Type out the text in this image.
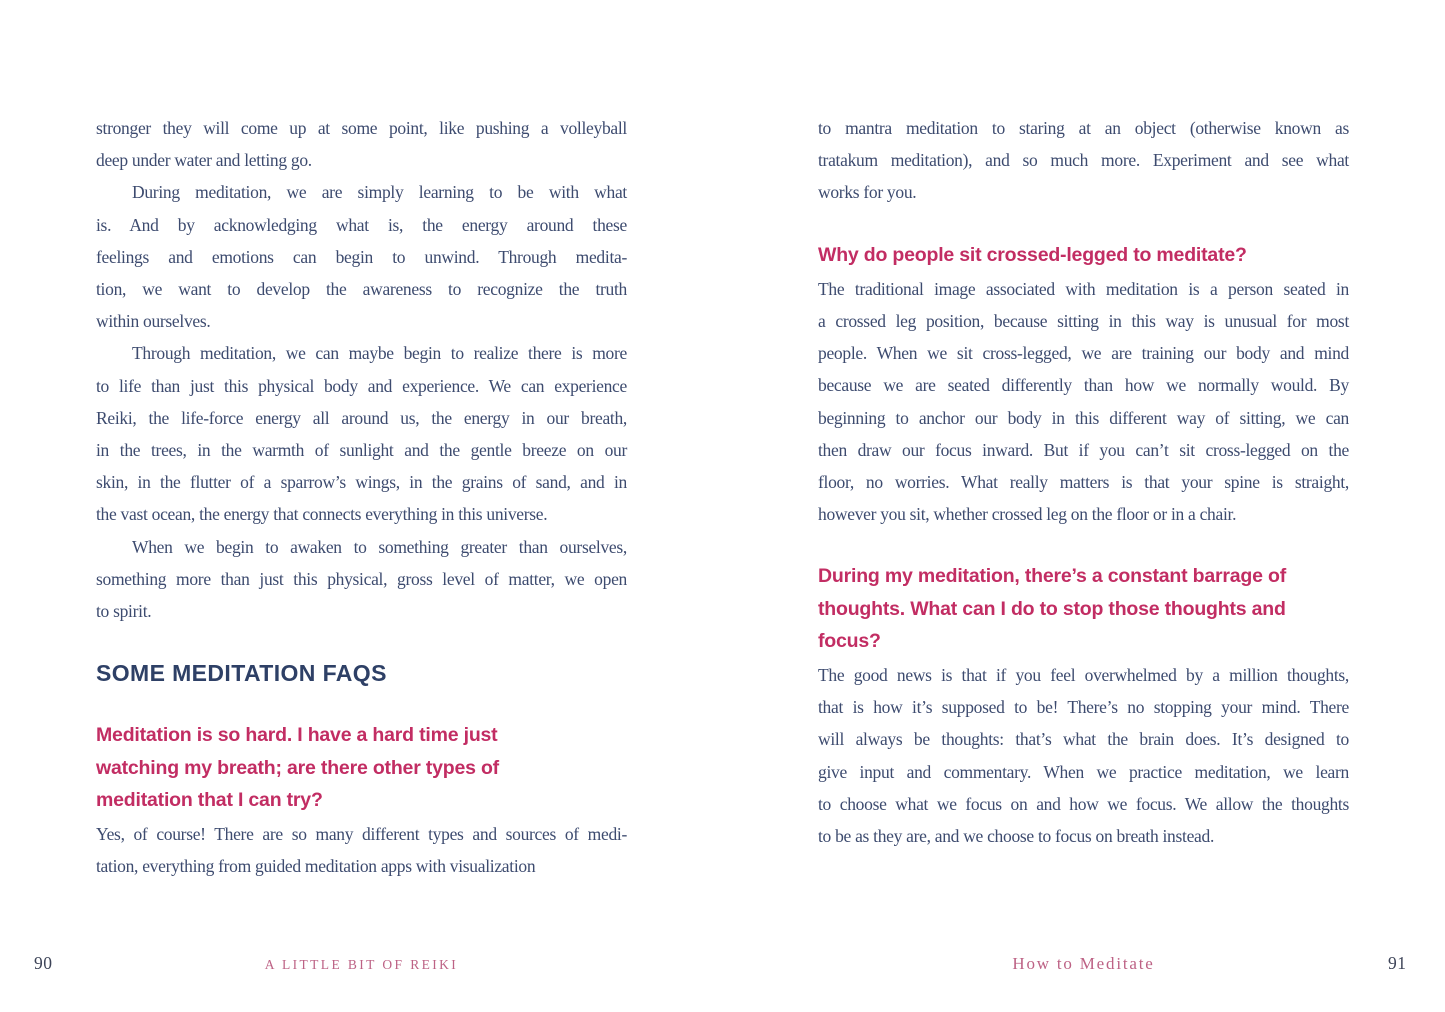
stronger they will come up at some point, like pushing a volleyball
deep under water and letting go.
During meditation, we are simply learning to be with what
is. And by acknowledging what is, the energy around these
feelings and emotions can begin to unwind. Through medita-
tion, we want to develop the awareness to recognize the truth
within ourselves.
Through meditation, we can maybe begin to realize there is more
to life than just this physical body and experience. We can experience
Reiki, the life-force energy all around us, the energy in our breath,
in the trees, in the warmth of sunlight and the gentle breeze on our
skin, in the flutter of a sparrow’s wings, in the grains of sand, and in
the vast ocean, the energy that connects everything in this universe.
When we begin to awaken to something greater than ourselves,
something more than just this physical, gross level of matter, we open
to spirit.
SOME MEDITATION FAQS
Meditation is so hard. I have a hard time just
watching my breath; are there other types of
meditation that I can try?
Yes, of course! There are so many different types and sources of medi-
tation, everything from guided meditation apps with visualization
90	A LITTLE BIT OF REIKI
to mantra meditation to staring at an object (otherwise known as
tratakum meditation), and so much more. Experiment and see what
works for you.
Why do people sit crossed-legged to meditate?
The traditional image associated with meditation is a person seated in
a crossed leg position, because sitting in this way is unusual for most
people. When we sit cross-legged, we are training our body and mind
because we are seated differently than how we normally would. By
beginning to anchor our body in this different way of sitting, we can
then draw our focus inward. But if you can’t sit cross-legged on the
floor, no worries. What really matters is that your spine is straight,
however you sit, whether crossed leg on the floor or in a chair.
During my meditation, there’s a constant barrage of
thoughts. What can I do to stop those thoughts and
focus?
The good news is that if you feel overwhelmed by a million thoughts,
that is how it’s supposed to be! There’s no stopping your mind. There
will always be thoughts: that’s what the brain does. It’s designed to
give input and commentary. When we practice meditation, we learn
to choose what we focus on and how we focus. We allow the thoughts
to be as they are, and we choose to focus on breath instead.
How to Meditate	91
